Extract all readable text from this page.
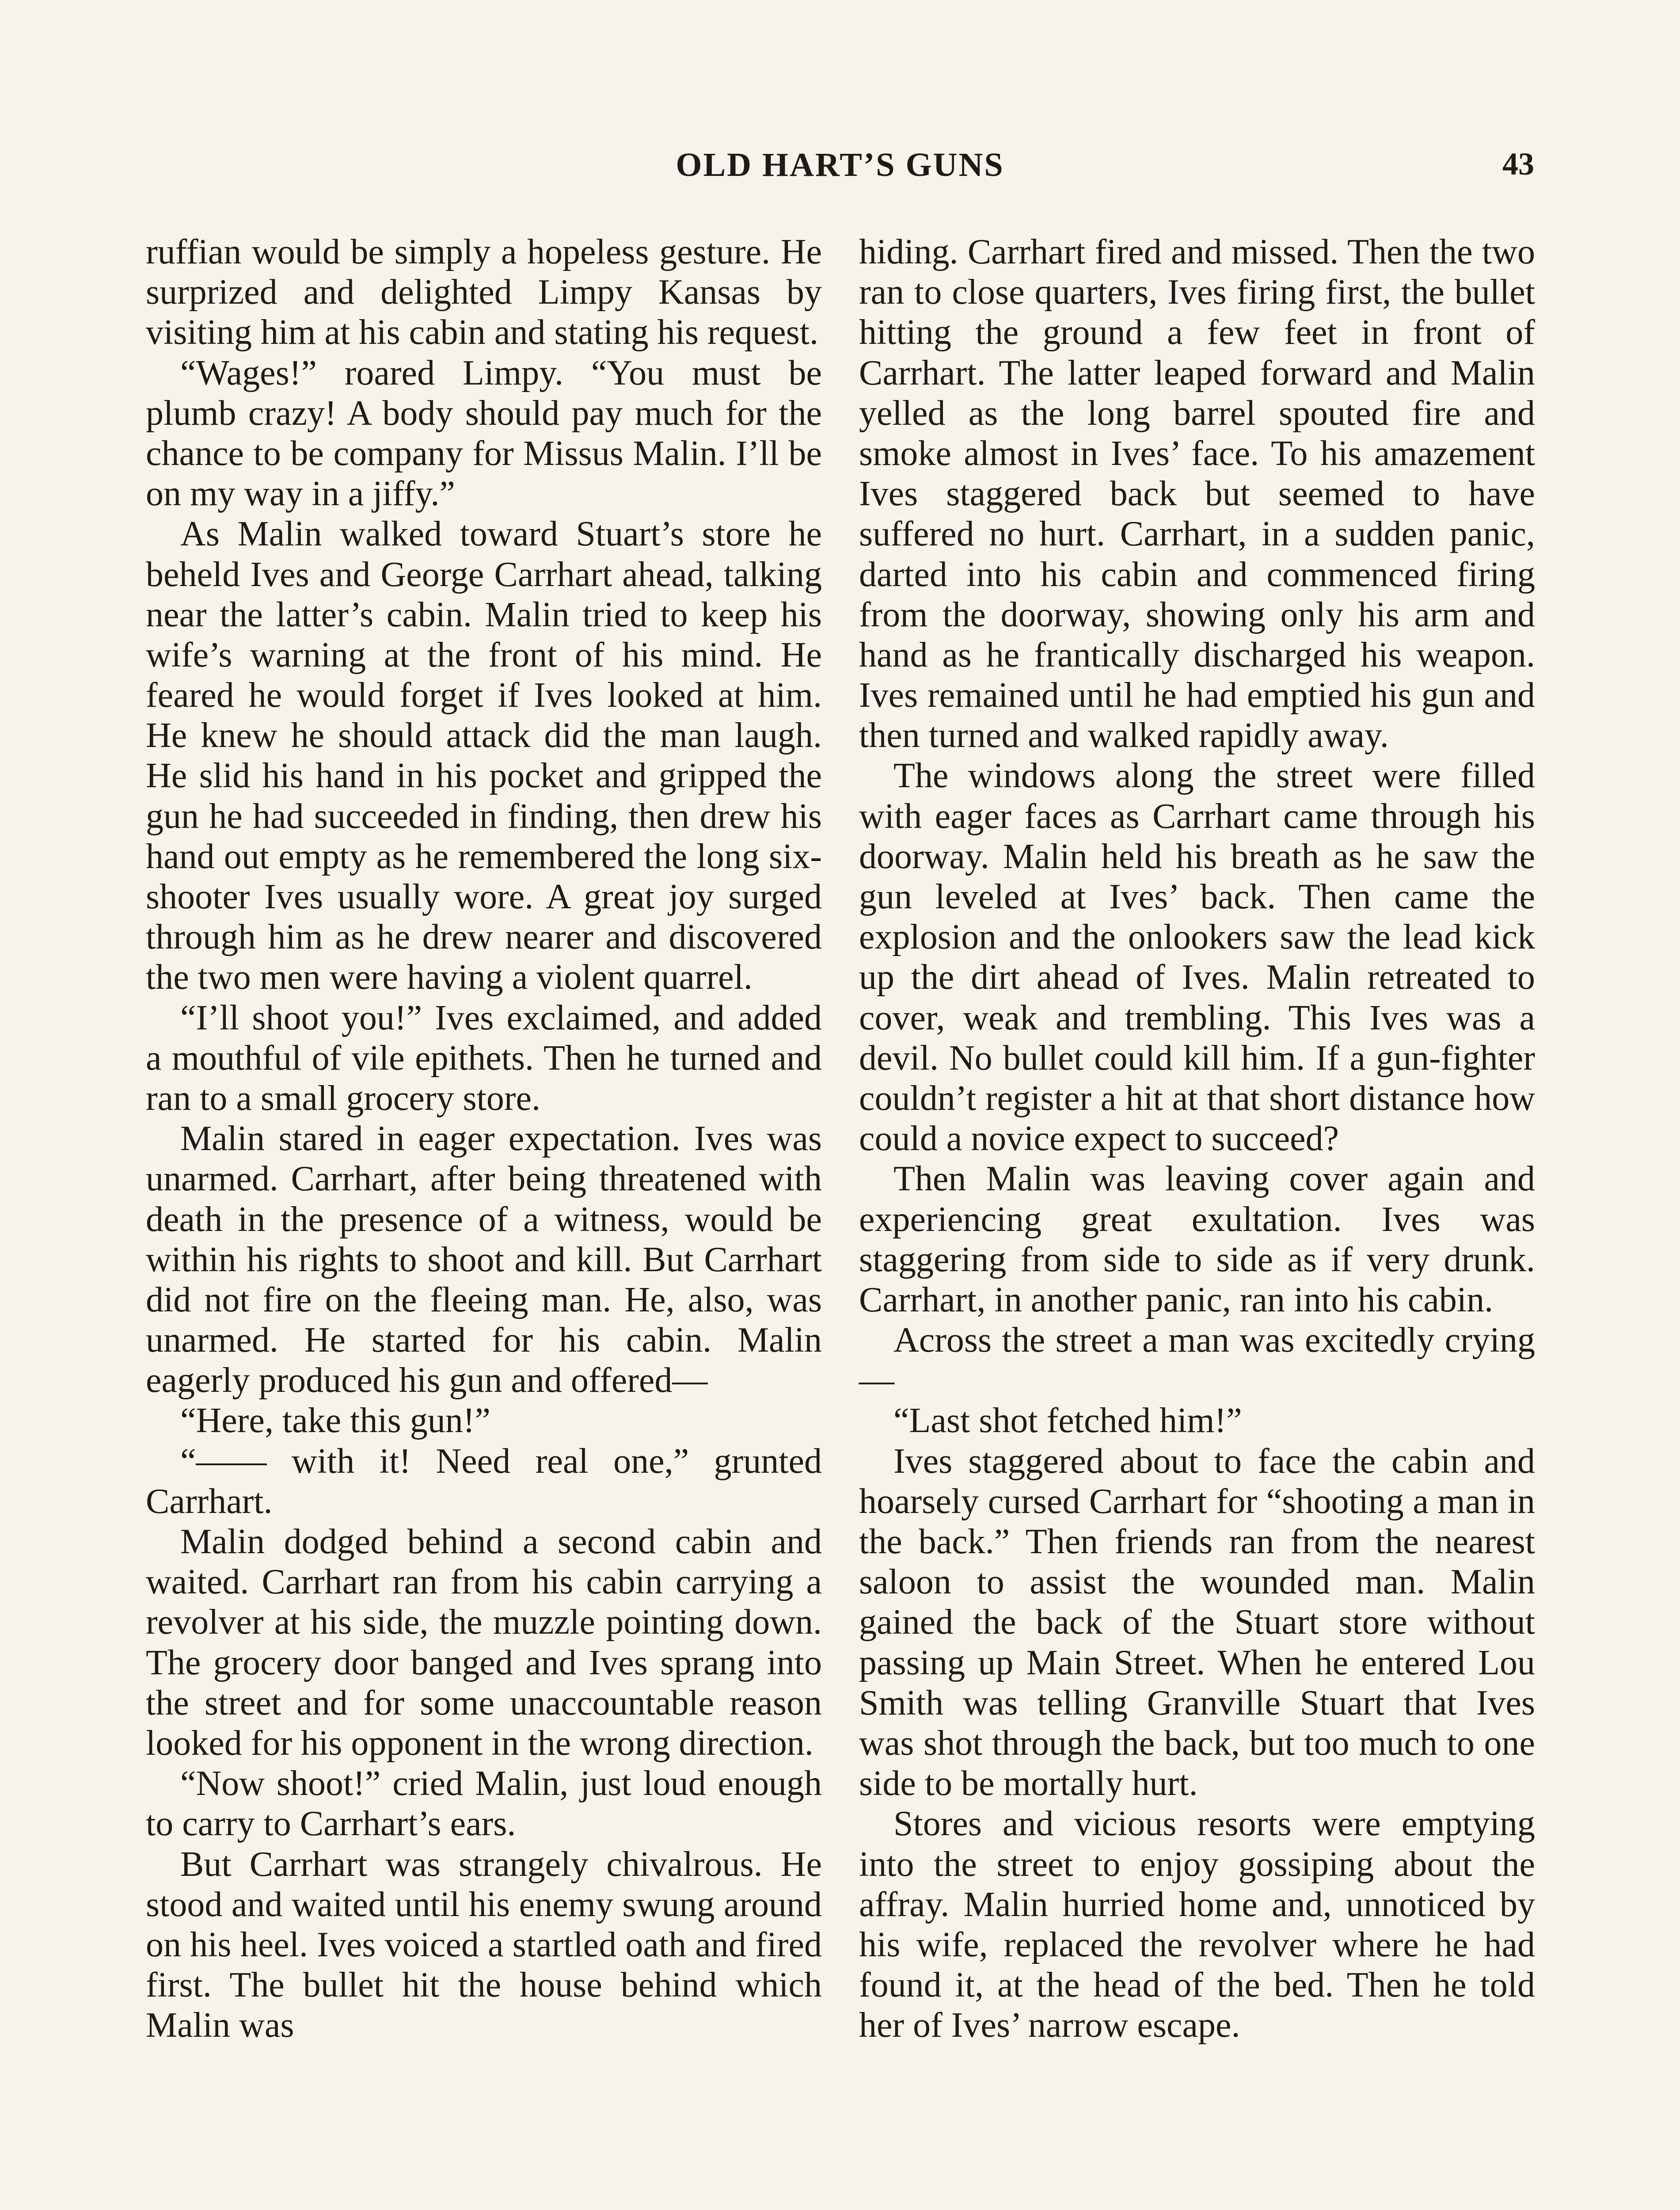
OLD HART’S GUNS	43

ruffian would be simply a hopeless gesture. He surprized and delighted Limpy Kansas by visiting him at his cabin and stating his request.

“Wages!” roared Limpy. “You must be plumb crazy! A body should pay much for the chance to be company for Missus Malin. I’ll be on my way in a jiffy.”

As Malin walked toward Stuart’s store he beheld Ives and George Carrhart ahead, talking near the latter’s cabin. Malin tried to keep his wife’s warning at the front of his mind. He feared he would forget if Ives looked at him. He knew he should attack did the man laugh. He slid his hand in his pocket and gripped the gun he had succeeded in finding, then drew his hand out empty as he remembered the long six-shooter Ives usually wore. A great joy surged through him as he drew nearer and discovered the two men were having a violent quarrel.

“I’ll shoot you!” Ives exclaimed, and added a mouthful of vile epithets. Then he turned and ran to a small grocery store.

Malin stared in eager expectation. Ives was unarmed. Carrhart, after being threatened with death in the presence of a witness, would be within his rights to shoot and kill. But Carrhart did not fire on the fleeing man. He, also, was unarmed. He started for his cabin. Malin eagerly produced his gun and offered—

“Here, take this gun!”

“—— with it! Need real one,” grunted Carrhart.

Malin dodged behind a second cabin and waited. Carrhart ran from his cabin carrying a revolver at his side, the muzzle pointing down. The grocery door banged and Ives sprang into the street and for some unaccountable reason looked for his opponent in the wrong direction.

“Now shoot!” cried Malin, just loud enough to carry to Carrhart’s ears.

But Carrhart was strangely chivalrous. He stood and waited until his enemy swung around on his heel. Ives voiced a startled oath and fired first. The bullet hit the house behind which Malin was

hiding. Carrhart fired and missed. Then the two ran to close quarters, Ives firing first, the bullet hitting the ground a few feet in front of Carrhart. The latter leaped forward and Malin yelled as the long barrel spouted fire and smoke almost in Ives’ face. To his amazement Ives staggered back but seemed to have suffered no hurt. Carrhart, in a sudden panic, darted into his cabin and commenced firing from the doorway, showing only his arm and hand as he frantically discharged his weapon. Ives remained until he had emptied his gun and then turned and walked rapidly away.

The windows along the street were filled with eager faces as Carrhart came through his doorway. Malin held his breath as he saw the gun leveled at Ives’ back. Then came the explosion and the onlookers saw the lead kick up the dirt ahead of Ives. Malin retreated to cover, weak and trembling. This Ives was a devil. No bullet could kill him. If a gun-fighter couldn’t register a hit at that short distance how could a novice expect to succeed?

Then Malin was leaving cover again and experiencing great exultation. Ives was staggering from side to side as if very drunk. Carrhart, in another panic, ran into his cabin.

Across the street a man was excitedly crying—

“Last shot fetched him!”

Ives staggered about to face the cabin and hoarsely cursed Carrhart for “shooting a man in the back.” Then friends ran from the nearest saloon to assist the wounded man. Malin gained the back of the Stuart store without passing up Main Street. When he entered Lou Smith was telling Granville Stuart that Ives was shot through the back, but too much to one side to be mortally hurt.

Stores and vicious resorts were emptying into the street to enjoy gossiping about the affray. Malin hurried home and, unnoticed by his wife, replaced the revolver where he had found it, at the head of the bed. Then he told her of Ives’ narrow escape.
